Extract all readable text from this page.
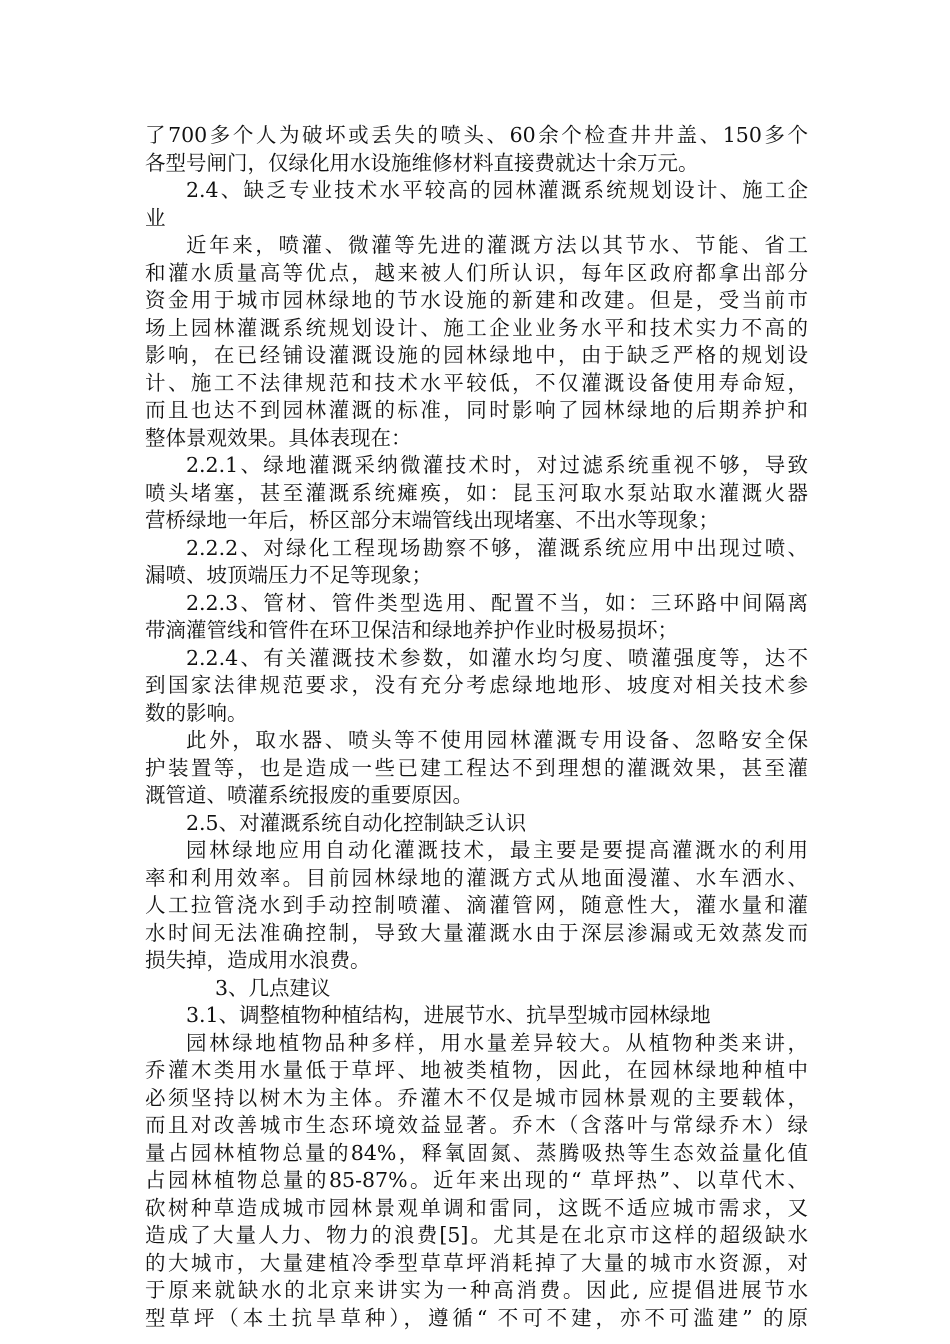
了700多个人为破坏或丢失的喷头、60余个检查井井盖、150多个
各型号闸门，仅绿化用水设施维修材料直接费就达十余万元。
2.4、缺乏专业技术水平较高的园林灌溉系统规划设计、施工企
业
近年来，喷灌、微灌等先进的灌溉方法以其节水、节能、省工
和灌水质量高等优点，越来被人们所认识，每年区政府都拿出部分
资金用于城市园林绿地的节水设施的新建和改建。但是，受当前市
场上园林灌溉系统规划设计、施工企业业务水平和技术实力不高的
影响，在已经铺设灌溉设施的园林绿地中，由于缺乏严格的规划设
计、施工不法律规范和技术水平较低，不仅灌溉设备使用寿命短，
而且也达不到园林灌溉的标准，同时影响了园林绿地的后期养护和
整体景观效果。具体表现在：
2.2.1、绿地灌溉采纳微灌技术时，对过滤系统重视不够，导致
喷头堵塞，甚至灌溉系统瘫痪，如：昆玉河取水泵站取水灌溉火器
营桥绿地一年后，桥区部分末端管线出现堵塞、不出水等现象；
2.2.2、对绿化工程现场勘察不够，灌溉系统应用中出现过喷、
漏喷、坡顶端压力不足等现象；
2.2.3、管材、管件类型选用、配置不当，如：三环路中间隔离
带滴灌管线和管件在环卫保洁和绿地养护作业时极易损坏；
2.2.4、有关灌溉技术参数，如灌水均匀度、喷灌强度等，达不
到国家法律规范要求，没有充分考虑绿地地形、坡度对相关技术参
数的影响。
此外，取水器、喷头等不使用园林灌溉专用设备、忽略安全保
护装置等，也是造成一些已建工程达不到理想的灌溉效果，甚至灌
溉管道、喷灌系统报废的重要原因。
2.5、对灌溉系统自动化控制缺乏认识
园林绿地应用自动化灌溉技术，最主要是要提高灌溉水的利用
率和利用效率。目前园林绿地的灌溉方式从地面漫灌、水车洒水、
人工拉管浇水到手动控制喷灌、滴灌管网，随意性大，灌水量和灌
水时间无法准确控制，导致大量灌溉水由于深层渗漏或无效蒸发而
损失掉，造成用水浪费。
3、几点建议
3.1、调整植物种植结构，进展节水、抗旱型城市园林绿地
园林绿地植物品种多样，用水量差异较大。从植物种类来讲，
乔灌木类用水量低于草坪、地被类植物，因此，在园林绿地种植中
必须坚持以树木为主体。乔灌木不仅是城市园林景观的主要载体，
而且对改善城市生态环境效益显著。乔木（含落叶与常绿乔木）绿
量占园林植物总量的84%，释氧固氮、蒸腾吸热等生态效益量化值
占园林植物总量的85-87%。近年来出现的“ 草坪热”、以草代木、
砍树种草造成城市园林景观单调和雷同，这既不适应城市需求，又
造成了大量人力、物力的浪费[5]。尤其是在北京市这样的超级缺水
的大城市，大量建植冷季型草草坪消耗掉了大量的城市水资源，对
于原来就缺水的北京来讲实为一种高消费。因此, 应提倡进展节水
型草坪（本土抗旱草种），遵循“ 不可不建，亦不可滥建” 的原
